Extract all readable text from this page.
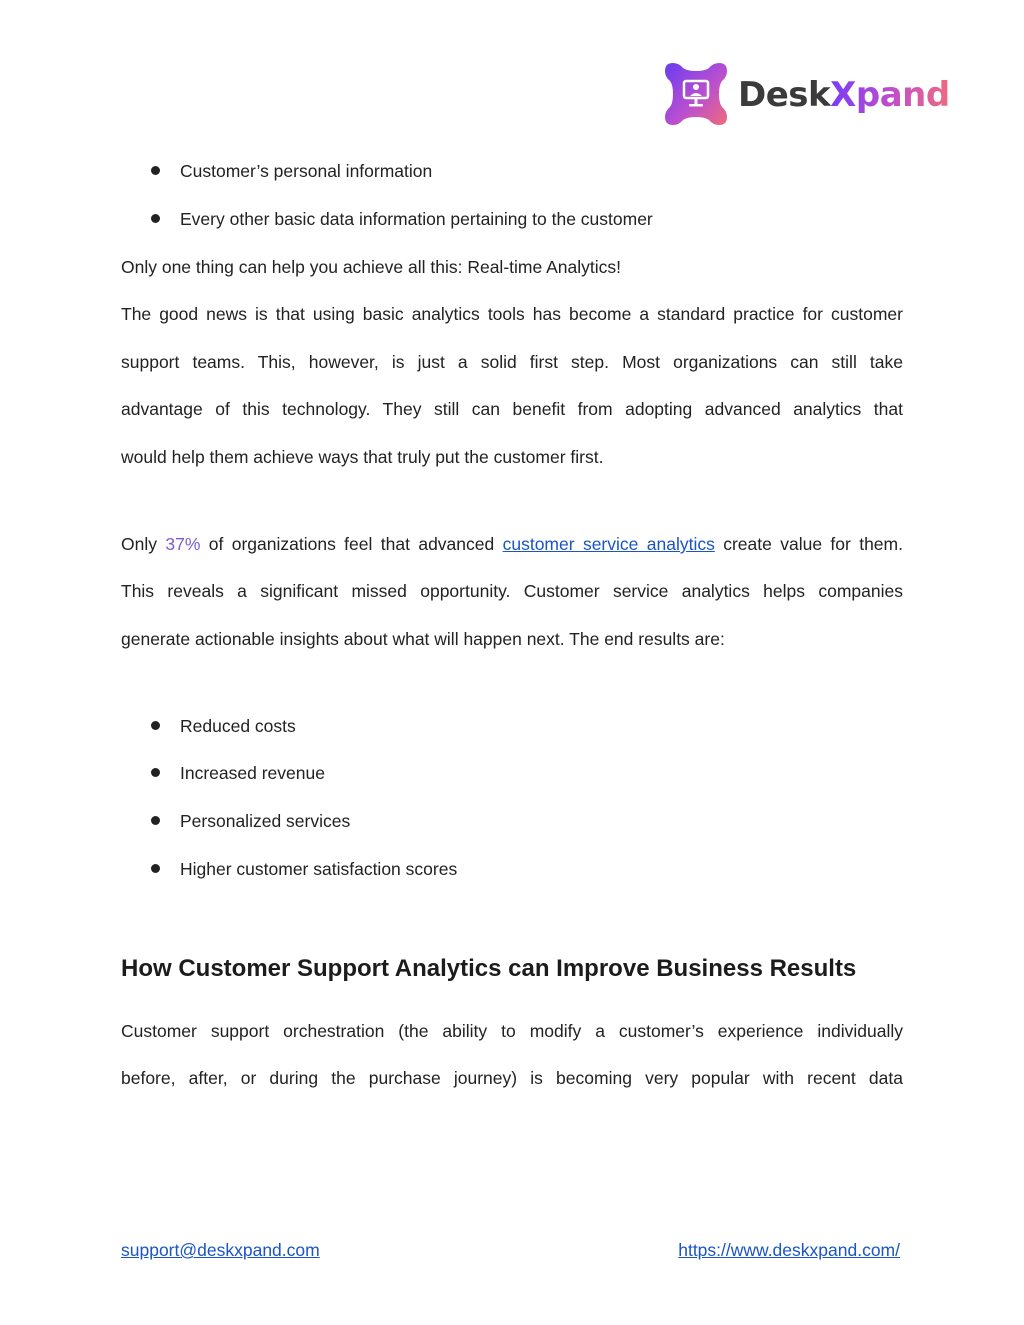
DeskXpand
Customer’s personal information
Every other basic data information pertaining to the customer
Only one thing can help you achieve all this: Real-time Analytics!
The good news is that using basic analytics tools has become a standard practice for customer
support teams. This, however, is just a solid first step. Most organizations can still take
advantage of this technology. They still can benefit from adopting advanced analytics that
would help them achieve ways that truly put the customer first.
Only 37% of organizations feel that advanced customer service analytics create value for them.
This reveals a significant missed opportunity. Customer service analytics helps companies
generate actionable insights about what will happen next. The end results are:
Reduced costs
Increased revenue
Personalized services
Higher customer satisfaction scores
Customer support orchestration (the ability to modify a customer’s experience individually
before, after, or during the purchase journey) is becoming very popular with recent data
How Customer Support Analytics can Improve Business Results
support@deskxpand.com	https://www.deskxpand.com/
